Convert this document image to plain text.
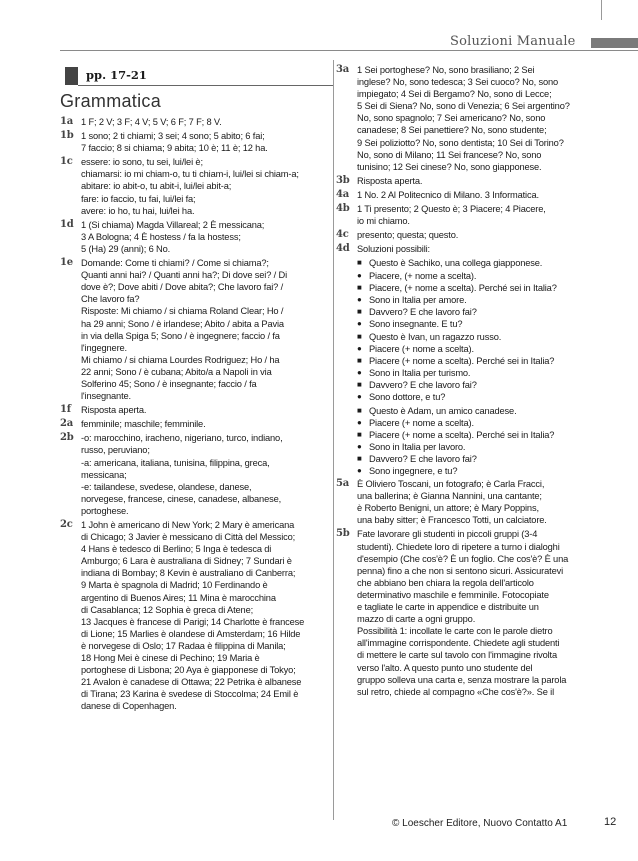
Soluzioni Manuale
pp. 17-21
Grammatica
1a 1 F; 2 V; 3 F; 4 V; 5 V; 6 F; 7 F; 8 V.
1b 1 sono; 2 ti chiami; 3 sei; 4 sono; 5 abito; 6 fai;
7 faccio; 8 si chiama; 9 abita; 10 è; 11 è; 12 ha.
1c essere: io sono, tu sei, lui/lei è;
chiamarsi: io mi chiam-o, tu ti chiam-i, lui/lei si chiam-a;
abitare: io abit-o, tu abit-i, lui/lei abit-a;
fare: io faccio, tu fai, lui/lei fa;
avere: io ho, tu hai, lui/lei ha.
1d 1 (Si chiama) Magda Villareal; 2 È messicana;
3 A Bologna; 4 È hostess / fa la hostess;
5 (Ha) 29 (anni); 6 No.
1e Domande: Come ti chiami? / Come si chiama?;
Quanti anni hai? / Quanti anni ha?; Di dove sei? / Di
dove è?; Dove abiti / Dove abita?; Che lavoro fai? /
Che lavoro fa?
Risposte: Mi chiamo / si chiama Roland Clear; Ho /
ha 29 anni; Sono / è irlandese; Abito / abita a Pavia
in via della Spiga 5; Sono / è ingegnere; faccio / fa
l'ingegnere.
Mi chiamo / si chiama Lourdes Rodriguez; Ho / ha
22 anni; Sono / è cubana; Abito/a a Napoli in via
Solferino 45; Sono / è insegnante; faccio / fa
l'insegnante.
1f Risposta aperta.
2a femminile; maschile; femminile.
2b -o: marocchino, iracheno, nigeriano, turco, indiano,
russo, peruviano;
-a: americana, italiana, tunisina, filippina, greca,
messicana;
-e: tailandese, svedese, olandese, danese,
norvegese, francese, cinese, canadese, albanese,
portoghese.
2c 1 John è americano di New York; 2 Mary è americana
di Chicago; 3 Javier è messicano di Città del Messico;
4 Hans è tedesco di Berlino; 5 Inga è tedesca di
Amburgo; 6 Lara è australiana di Sidney; 7 Sundari è
indiana di Bombay; 8 Kevin è australiano di Canberra;
9 Marta è spagnola di Madrid; 10 Ferdinando è
argentino di Buenos Aires; 11 Mina è marocchina
di Casablanca; 12 Sophia è greca di Atene;
13 Jacques è francese di Parigi; 14 Charlotte è francese
di Lione; 15 Marlies è olandese di Amsterdam; 16 Hilde
è norvegese di Oslo; 17 Radaa è filippina di Manila;
18 Hong Mei è cinese di Pechino; 19 Maria è
portoghese di Lisbona; 20 Aya è giapponese di Tokyo;
21 Avalon è canadese di Ottawa; 22 Petrika è albanese
di Tirana; 23 Karina è svedese di Stoccolma; 24 Emil è
danese di Copenhagen.
3a 1 Sei portoghese? No, sono brasiliano; 2 Sei
inglese? No, sono tedesca; 3 Sei cuoco? No, sono
impiegato; 4 Sei di Bergamo? No, sono di Lecce;
5 Sei di Siena? No, sono di Venezia; 6 Sei argentino?
No, sono spagnolo; 7 Sei americano? No, sono
canadese; 8 Sei panettiere? No, sono studente;
9 Sei poliziotto? No, sono dentista; 10 Sei di Torino?
No, sono di Milano; 11 Sei francese? No, sono
tunisino; 12 Sei cinese? No, sono giapponese.
3b Risposta aperta.
4a 1 No. 2 Al Politecnico di Milano. 3 Informatica.
4b 1 Ti presento; 2 Questo è; 3 Piacere; 4 Piacere,
io mi chiamo.
4c presento; questa; questo.
4d Soluzioni possibili:
■ Questo è Sachiko, una collega giapponese.
● Piacere, (+ nome a scelta).
■ Piacere, (+ nome a scelta). Perché sei in Italia?
● Sono in Italia per amore.
■ Davvero? E che lavoro fai?
● Sono insegnante. E tu?
■ Questo è Ivan, un ragazzo russo.
● Piacere (+ nome a scelta).
■ Piacere (+ nome a scelta). Perché sei in Italia?
● Sono in Italia per turismo.
■ Davvero? E che lavoro fai?
● Sono dottore, e tu?
■ Questo è Adam, un amico canadese.
● Piacere (+ nome a scelta).
■ Piacere (+ nome a scelta). Perché sei in Italia?
● Sono in Italia per lavoro.
■ Davvero? E che lavoro fai?
● Sono ingegnere, e tu?
5a È Oliviero Toscani, un fotografo; è Carla Fracci,
una ballerina; è Gianna Nannini, una cantante;
è Roberto Benigni, un attore; è Mary Poppins,
una baby sitter; è Francesco Totti, un calciatore.
5b Fate lavorare gli studenti in piccoli gruppi (3-4
studenti). Chiedete loro di ripetere a turno i dialoghi
d'esempio (Che cos'è? È un foglio. Che cos'è? È una
penna) fino a che non si sentono sicuri. Assicuratevi
che abbiano ben chiara la regola dell'articolo
determinativo maschile e femminile. Fotocopiate
e tagliate le carte in appendice e distribuite un
mazzo di carte a ogni gruppo.
Possibilità 1: incollate le carte con le parole dietro
all'immagine corrispondente. Chiedete agli studenti
di mettere le carte sul tavolo con l'immagine rivolta
verso l'alto. A questo punto uno studente del
gruppo solleva una carta e, senza mostrare la parola
sul retro, chiede al compagno «Che cos'è?». Se il
© Loescher Editore, Nuovo Contatto A1	12
